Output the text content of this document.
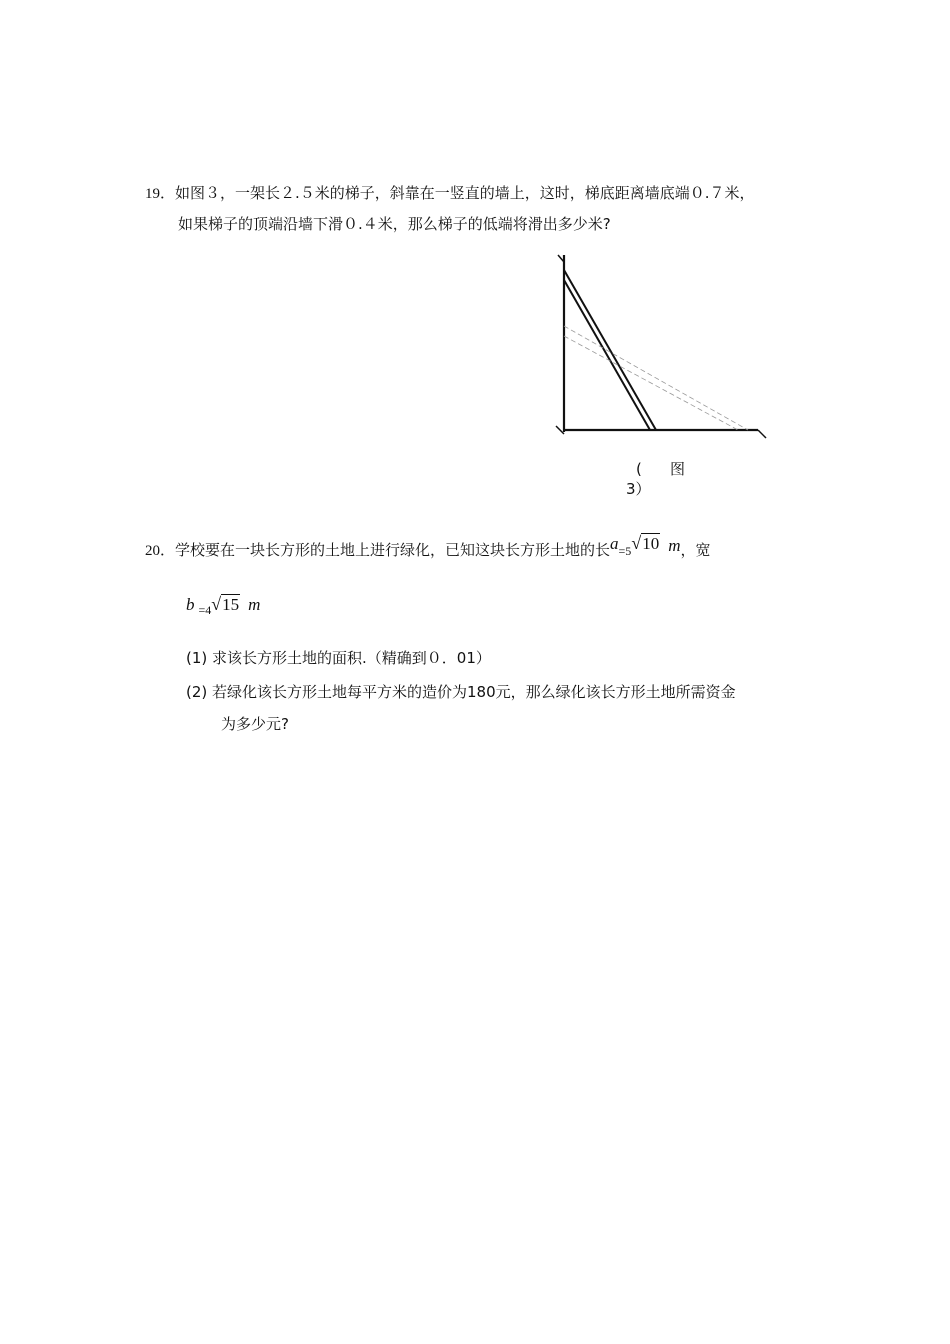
19．如图３，一架长２.５米的梯子，斜靠在一竖直的墙上，这时，梯底距离墙底端０.７米，
如果梯子的顶端沿墙下滑０.４米，那么梯子的低端将滑出多少米?
( 图
3）
20．学校要在一块长方形的土地上进行绿化，已知这块长方形土地的长a=5√10 m，宽
b $_{=4}$√15 m
(1) 求该长方形土地的面积.（精确到０．01）
(2) 若绿化该长方形土地每平方米的造价为180元，那么绿化该长方形土地所需资金
为多少元?
